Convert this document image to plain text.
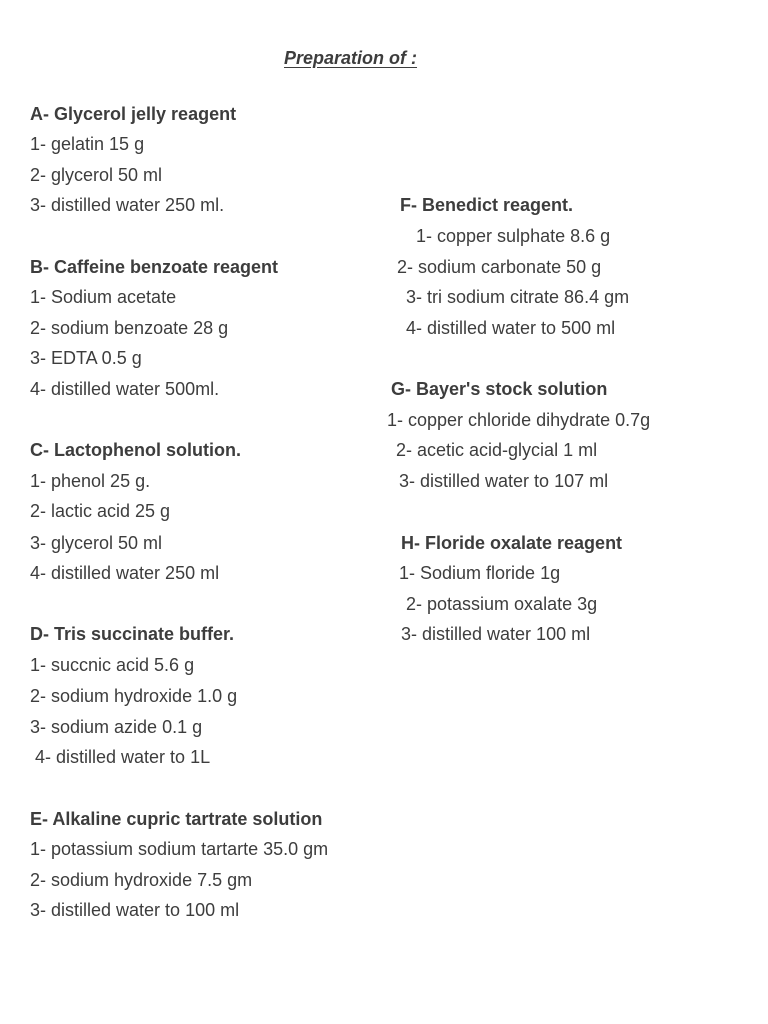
Preparation of :
A- Glycerol jelly reagent
1- gelatin 15 g
2- glycerol 50 ml
3- distilled water 250 ml.
B- Caffeine benzoate reagent
1- Sodium acetate
2- sodium benzoate 28 g
3- EDTA 0.5 g
4- distilled water 500ml.
C- Lactophenol solution.
1- phenol 25 g.
2- lactic acid 25 g
3- glycerol 50 ml
4- distilled water 250 ml
D- Tris succinate buffer.
1- succnic acid 5.6 g
2- sodium hydroxide 1.0 g
3- sodium azide 0.1 g
4- distilled water to 1L
E- Alkaline cupric tartrate solution
1- potassium sodium tartarte 35.0 gm
2- sodium hydroxide 7.5 gm
3- distilled water to 100 ml
F- Benedict reagent.
1- copper sulphate 8.6 g
2- sodium carbonate 50 g
3- tri sodium citrate 86.4 gm
4- distilled water to 500 ml
G- Bayer's stock solution
1- copper chloride dihydrate 0.7g
2- acetic acid-glycial 1 ml
3- distilled water to 107 ml
H- Floride oxalate reagent
1- Sodium floride 1g
2- potassium oxalate 3g
3- distilled water 100 ml
